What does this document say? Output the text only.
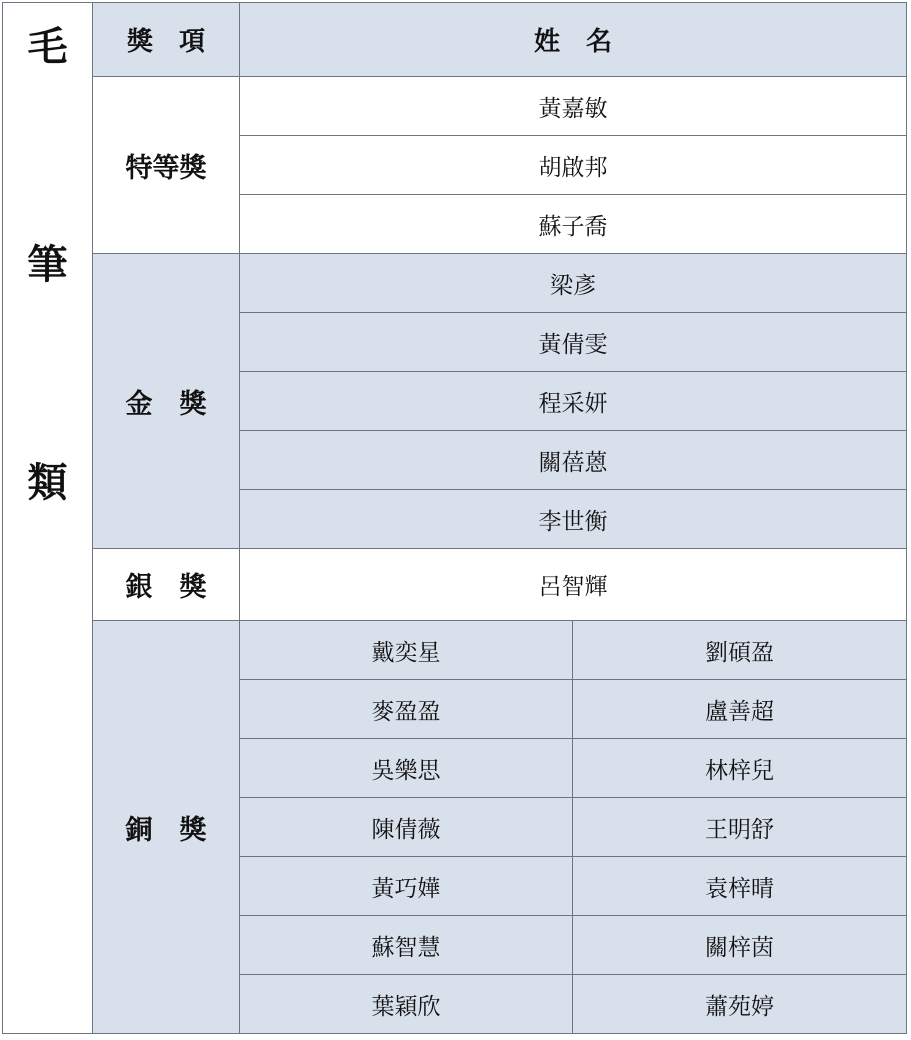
毛
筆
類	獎　項	姓　名	
	特等獎	黃嘉敏	
		胡啟邦	
		蘇子喬	
	金　獎	梁彥	
		黃倩雯	
		程采妍	
		關蓓蒽	
		李世衡	
	銀　獎	呂智輝	
	銅　獎	戴奕星	劉碩盈
		麥盈盈	盧善超
		吳樂思	林梓兒
		陳倩薇	王明舒
		黃巧嬅	袁梓晴
		蘇智慧	關梓茵
		葉穎欣	蕭苑婷
